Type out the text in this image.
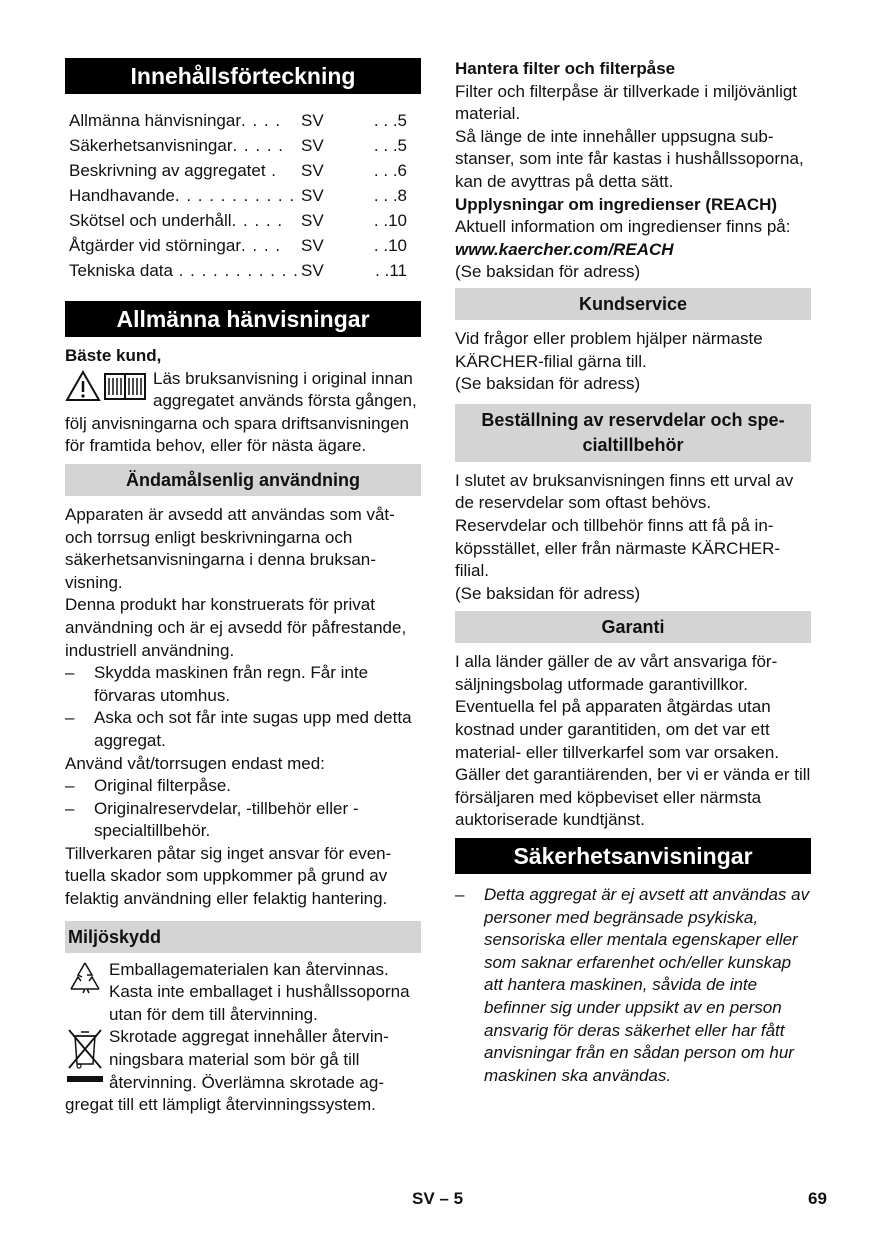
Innehållsförteckning
Allmänna hänvisningar. . . .	SV	. . .5
Säkerhetsanvisningar. . . . .	SV	. . .5
Beskrivning av aggregatet .	SV	. . .6
Handhavande. . . . . . . . . . . SV	. . .8
Skötsel och underhåll. . . . .	SV	. .10
Åtgärder vid störningar. . . .	SV	. .10
Tekniska data . . . . . . . . . . . SV	. .11
Allmänna hänvisningar

Bäste kund,

Läs bruksanvisning i original innan aggregatet används första gången, följ anvisningarna och spara driftsanvisningen för framtida behov, eller för nästa ägare.
Ändamålsenlig användning

Apparaten är avsedd att användas som våt- och torrsug enligt beskrivningarna och säkerhetsanvisningarna i denna bruksanvisning.

Denna produkt har konstruerats för privat användning och är ej avsedd för påfrestande, industriell användning.

–	Skydda maskinen från regn. Får inte förvaras utomhus.
–	Aska och sot får inte sugas upp med detta aggregat.

Använd våt/torrsugen endast med:

–	Original filterpåse.
–	Originalreservdelar, -tillbehör eller -specialtillbehör.

Tillverkaren påtar sig inget ansvar för eventuella skador som uppkommer på grund av felaktig användning eller felaktig hantering.

Miljöskydd
Emballagematerialen kan återvinnas. Kasta inte emballaget i hushållssoporna utan för dem till återvinning.
Skrotade aggregat innehåller återvinningsbara material som bör gå till återvinning. Överlämna skrotade aggregat till ett lämpligt återvinningssystem.

Hantera filter och filterpåse

Filter och filterpåse är tillverkade i miljövänligt material.

Så länge de inte innehåller uppsugna substanser, som inte får kastas i hushållssoporna, kan de avyttras på detta sätt.

Upplysningar om ingredienser (REACH)

Aktuell information om ingredienser finns på:

www.kaercher.com/REACH

(Se baksidan för adress)

Kundservice

Vid frågor eller problem hjälper närmaste KÄRCHER-filial gärna till.

(Se baksidan för adress)

Beställning av reservdelar och specialtillbehör

I slutet av bruksanvisningen finns ett urval av de reservdelar som oftast behövs.

Reservdelar och tillbehör finns att få på inköpsstället, eller från närmaste KÄRCHER-filial.

(Se baksidan för adress)

Garanti

I alla länder gäller de av vårt ansvariga försäljningsbolag utformade garantivillkor. Eventuella fel på apparaten åtgärdas utan kostnad under garantitiden, om det var ett material- eller tillverkarfel som var orsaken. Gäller det garantiärenden, ber vi er vända er till försäljaren med köpbeviset eller närmsta auktoriserade kundtjänst.

Säkerhetsanvisningar
–	Detta aggregat är ej avsett att användas av personer med begränsade psykiska, sensoriska eller mentala egenskaper eller som saknar erfarenhet och/eller kunskap att hantera maskinen, såvida de inte befinner sig under uppsikt av en person ansvarig för deras säkerhet eller har fått anvisningar från en sådan person om hur maskinen ska användas.
SV – 5	69
